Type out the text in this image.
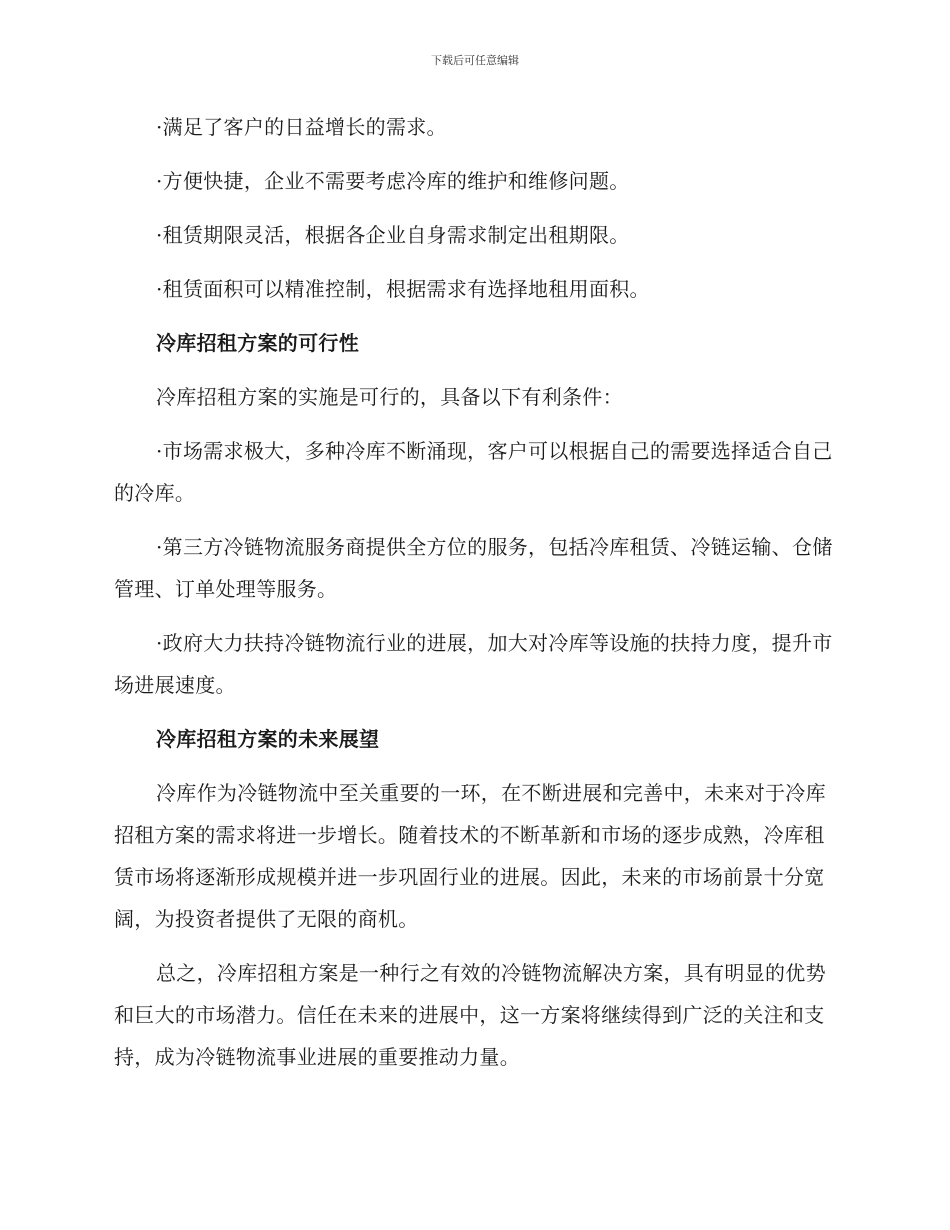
下载后可任意编辑

·满足了客户的日益增长的需求。

·方便快捷，企业不需要考虑冷库的维护和维修问题。

·租赁期限灵活，根据各企业自身需求制定出租期限。

·租赁面积可以精准控制，根据需求有选择地租用面积。

冷库招租方案的可行性

冷库招租方案的实施是可行的，具备以下有利条件：

·市场需求极大，多种冷库不断涌现，客户可以根据自己的需要选择适合自己的冷库。

·第三方冷链物流服务商提供全方位的服务，包括冷库租赁、冷链运输、仓储管理、订单处理等服务。

·政府大力扶持冷链物流行业的进展，加大对冷库等设施的扶持力度，提升市场进展速度。

冷库招租方案的未来展望

冷库作为冷链物流中至关重要的一环，在不断进展和完善中，未来对于冷库招租方案的需求将进一步增长。随着技术的不断革新和市场的逐步成熟，冷库租赁市场将逐渐形成规模并进一步巩固行业的进展。因此，未来的市场前景十分宽阔，为投资者提供了无限的商机。

总之，冷库招租方案是一种行之有效的冷链物流解决方案，具有明显的优势和巨大的市场潜力。信任在未来的进展中，这一方案将继续得到广泛的关注和支持，成为冷链物流事业进展的重要推动力量。
